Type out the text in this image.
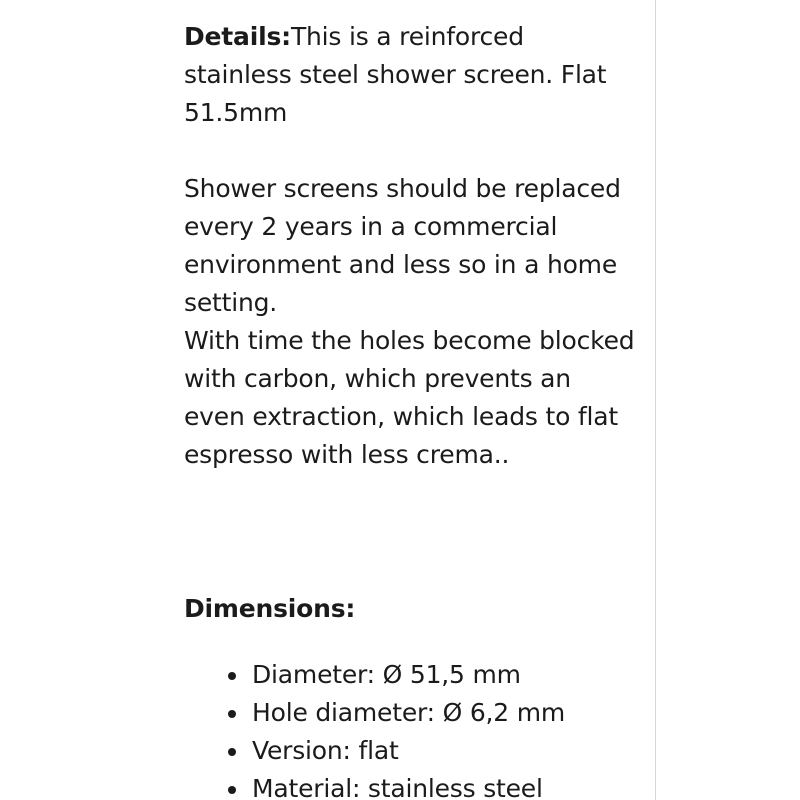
Details:This is a reinforced stainless steel shower screen. Flat 51.5mm

Shower screens should be replaced every 2 years in a commercial environment and less so in a home setting.

With time the holes become blocked with carbon, which prevents an even extraction, which leads to flat espresso with less crema..

Dimensions:

Diameter: Ø 51,5 mm
Hole diameter: Ø 6,2 mm
Version: flat
Material: stainless steel
